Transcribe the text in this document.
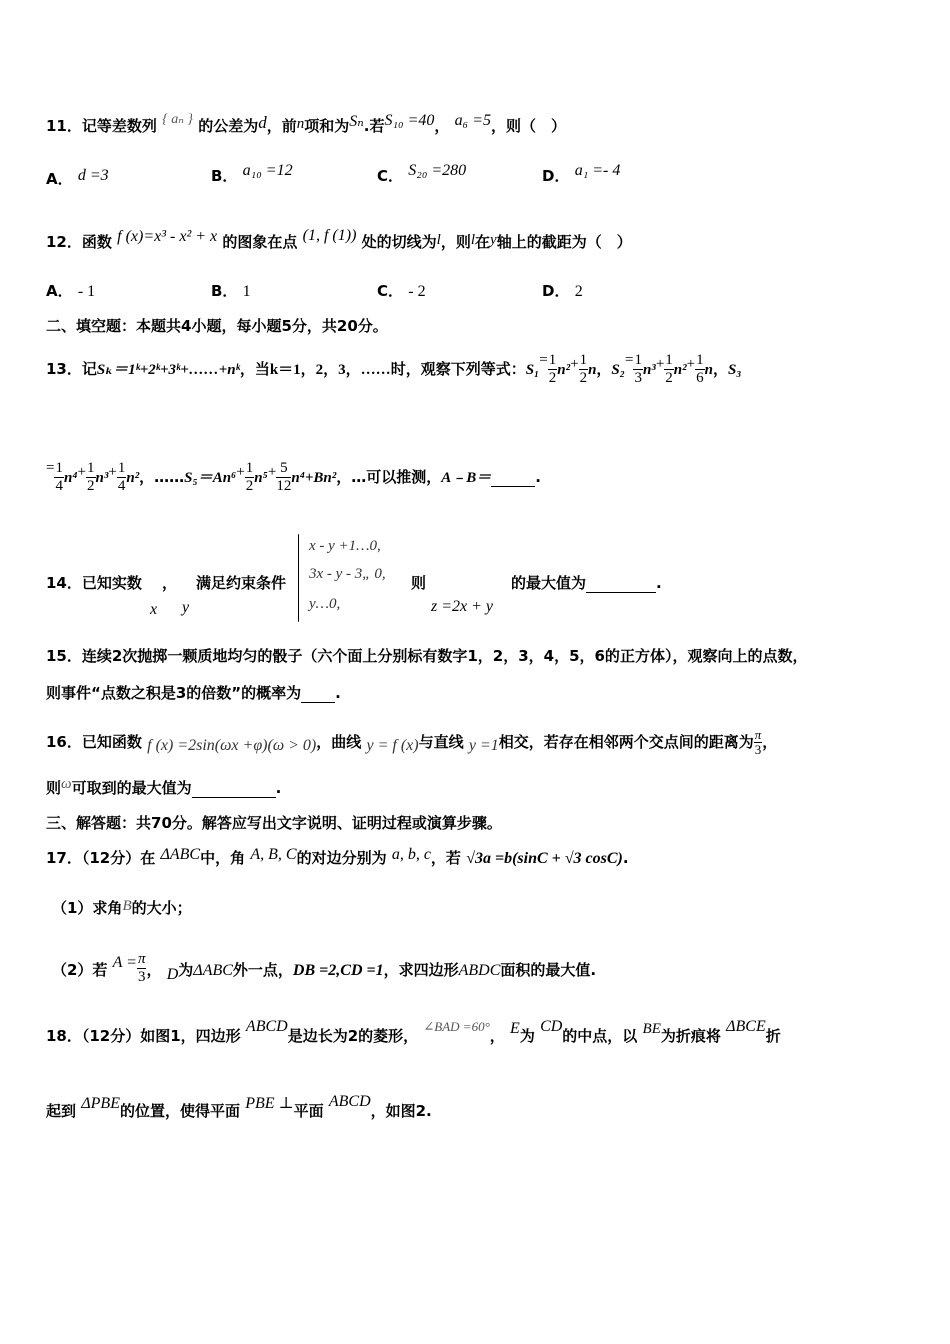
11．记等差数列 { aₙ } 的公差为d，前n项和为Sₙ.若S₁₀ =40， a₆ =5，则（　）
A． d =3	B． a₁₀ =12	C． S₂₀ =280	D． a₁ =- 4
12．函数 f (x)=x³ - x² + x 的图象在点 (1, f (1)) 处的切线为l，则l在y轴上的截距为（　）
A． - 1	B． 1	C． - 2	D． 2
二、填空题：本题共4小题，每小题5分，共20分。
13．记Sₖ＝1ᵏ+2ᵏ+3ᵏ+……+nᵏ，当k＝1，2，3，……时，观察下列等式：$S_1= \frac{1}{2} n^2+ \frac{1}{2}$ n，$S_2= \frac{1}{3} n^3+ \frac{1}{2} n^2+ \frac{1}{6}$ n，S₃
= $\frac{1}{4} n^4+ \frac{1}{2} n^3+ \frac{1}{4} n^2$，……S₅＝An⁶+ $\frac{1}{2} n^5+ \frac{5}{12} n^4+Bn^2$，…可以推测，A﹣B＝	.
14．已知实数 ， 满足约束条件
x y
x - y +1…0,
3x - y - 3„ 0,
y…0,
则
z =2x + y
的最大值为	.
15．连续2次抛掷一颗质地均匀的骰子（六个面上分别标有数字1，2，3，4，5，6的正方体），观察向上的点数，
则事件“点数之积是3的倍数”的概率为 .
16．已知函数 f (x) =2sin(ωx +φ)(ω > 0)，曲线 y = f (x)与直线 y =1相交，若存在相邻两个交点间的距离为 $\frac{\pi}{3}$ ，
则ω可取到的最大值为	.
三、解答题：共70分。解答应写出文字说明、证明过程或演算步骤。
17．（12分）在 ΔABC中，角 A, B, C的对边分别为 a, b, c，若 √3a =b(sinC + √3 cosC).
（1）求角B的大小；
（2）若 $A = \frac{\pi}{3}$ ， D为ΔABC外一点，DB =2,CD =1，求四边形ABDC面积的最大值.
18．（12分）如图1，四边形 ABCD是边长为2的菱形， ∠BAD =60°， E为 CD的中点，以 BE为折痕将 ΔBCE折
起到 ΔPBE的位置，使得平面 PBE ⊥平面 ABCD，如图2.
